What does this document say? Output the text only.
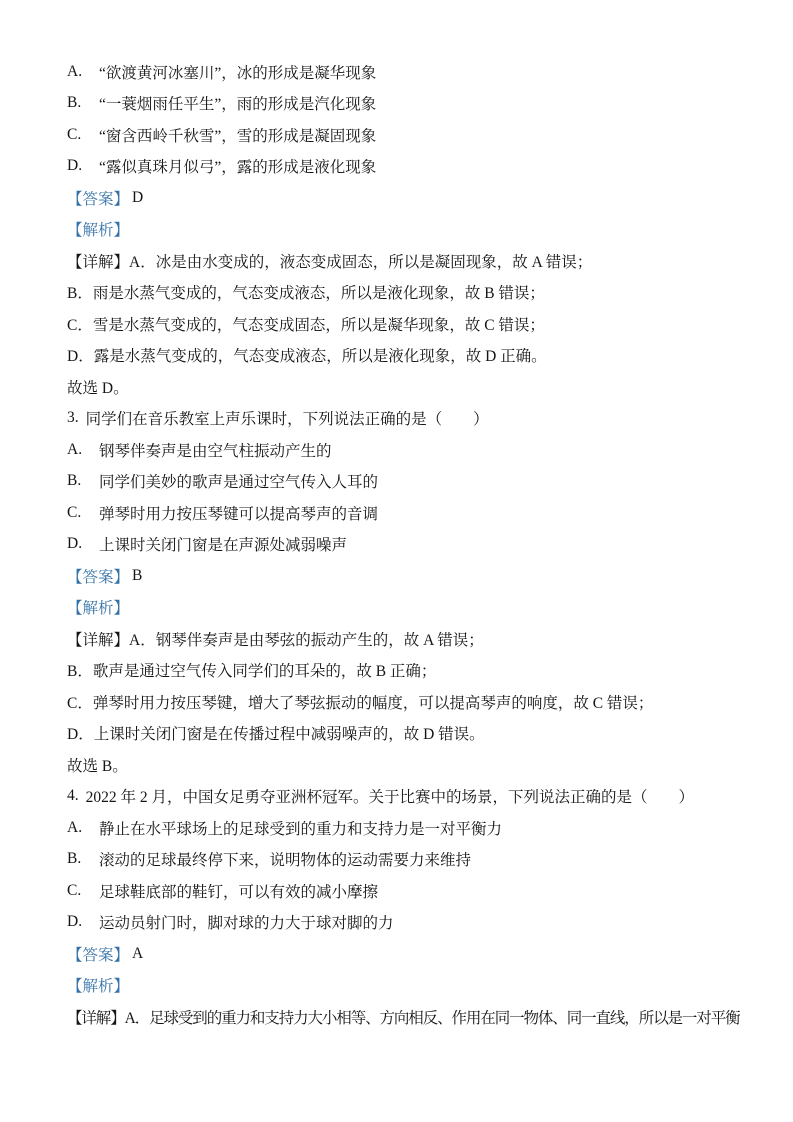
A.	“欲渡黄河冰塞川”，冰的形成是凝华现象
B.	“一蓑烟雨任平生”，雨的形成是汽化现象
C.	“窗含西岭千秋雪”，雪的形成是凝固现象
D.	“露似真珠月似弓”，露的形成是液化现象
【答案】 D
【解析】
【详解】 A．冰是由水变成的，液态变成固态，所以是凝固现象，故 A 错误；
B．雨是水蒸气变成的，气态变成液态，所以是液化现象，故 B 错误；
C．雪是水蒸气变成的，气态变成固态，所以是凝华现象，故 C 错误；
D．露是水蒸气变成的，气态变成液态，所以是液化现象，故 D 正确。
故选 D。
3. 同学们在音乐教室上声乐课时，下列说法正确的是（　　）
A.	钢琴伴奏声是由空气柱振动产生的
B.	同学们美妙的歌声是通过空气传入人耳的
C.	弹琴时用力按压琴键可以提高琴声的音调
D.	上课时关闭门窗是在声源处减弱噪声
【答案】 B
【解析】
【详解】 A．钢琴伴奏声是由琴弦的振动产生的，故 A 错误；
B．歌声是通过空气传入同学们的耳朵的，故 B 正确；
C．弹琴时用力按压琴键，增大了琴弦振动的幅度，可以提高琴声的响度，故 C 错误；
D．上课时关闭门窗是在传播过程中减弱噪声的，故 D 错误。
故选 B。
4. 2022 年 2 月，中国女足勇夺亚洲杯冠军。关于比赛中的场景，下列说法正确的是（　　）
A.	静止在水平球场上的足球受到的重力和支持力是一对平衡力
B.	滚动的足球最终停下来，说明物体的运动需要力来维持
C.	足球鞋底部的鞋钉，可以有效的减小摩擦
D.	运动员射门时，脚对球的力大于球对脚的力
【答案】 A
【解析】
【详解】 A．足球受到的重力和支持力大小相等、方向相反、作用在同一物体、同一直线，所以是一对平衡
